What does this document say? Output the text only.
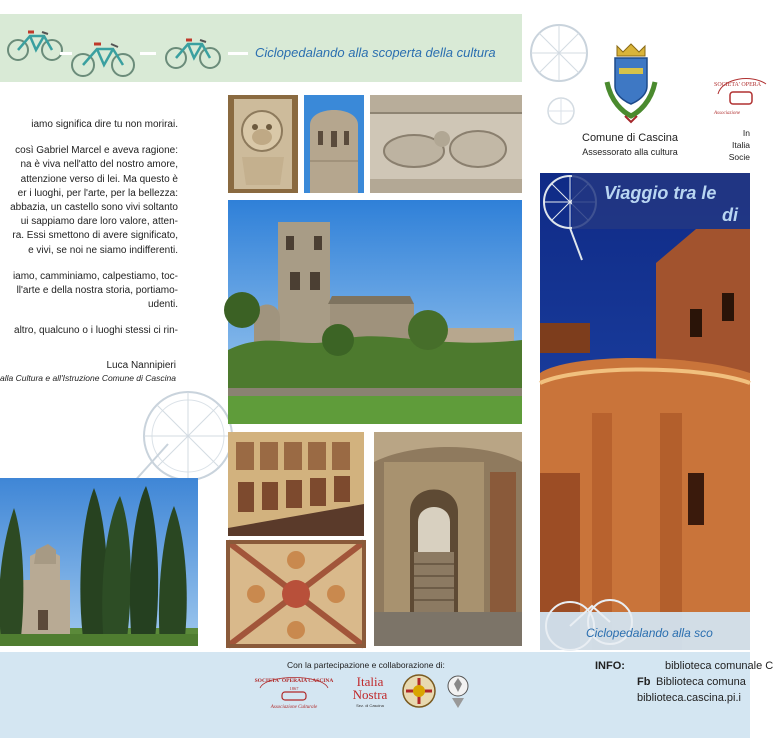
Ciclopedalando alla scoperta della cultura

iamo significa dire tu non morirai.

così Gabriel Marcel e aveva ragione:
na è viva nell'atto del nostro amore,
attenzione verso di lei. Ma questo è
er i luoghi, per l'arte, per la bellezza:
abbazia, un castello sono vivi soltanto
ui sappiamo dare loro valore, atten-
ra. Essi smettono di avere significato,
e vivi, se noi ne siamo indifferenti.

iamo, camminiamo, calpestiamo, toc-
ll'arte e della nostra storia, portiamo-
udenti.

altro, qualcuno o i luoghi stessi ci rin-

Luca Nannipieri
alla Cultura e all'Istruzione Comune di Cascina
Comune di Cascina
Assessorato alla cultura
SOCIETA' OPERA
Associazione
In
Italia
Socie
Viaggio tra le
di
Ciclopedalando alla sco
Con la partecipazione e collaborazione di:
SOCIETA' OPERAIA CASCINA
1867
Associazione Culturale
Italia
Nostra
Sez. di Cascina
INFO:	biblioteca comunale C
Fb Biblioteca comuna
biblioteca.cascina.pi.i
